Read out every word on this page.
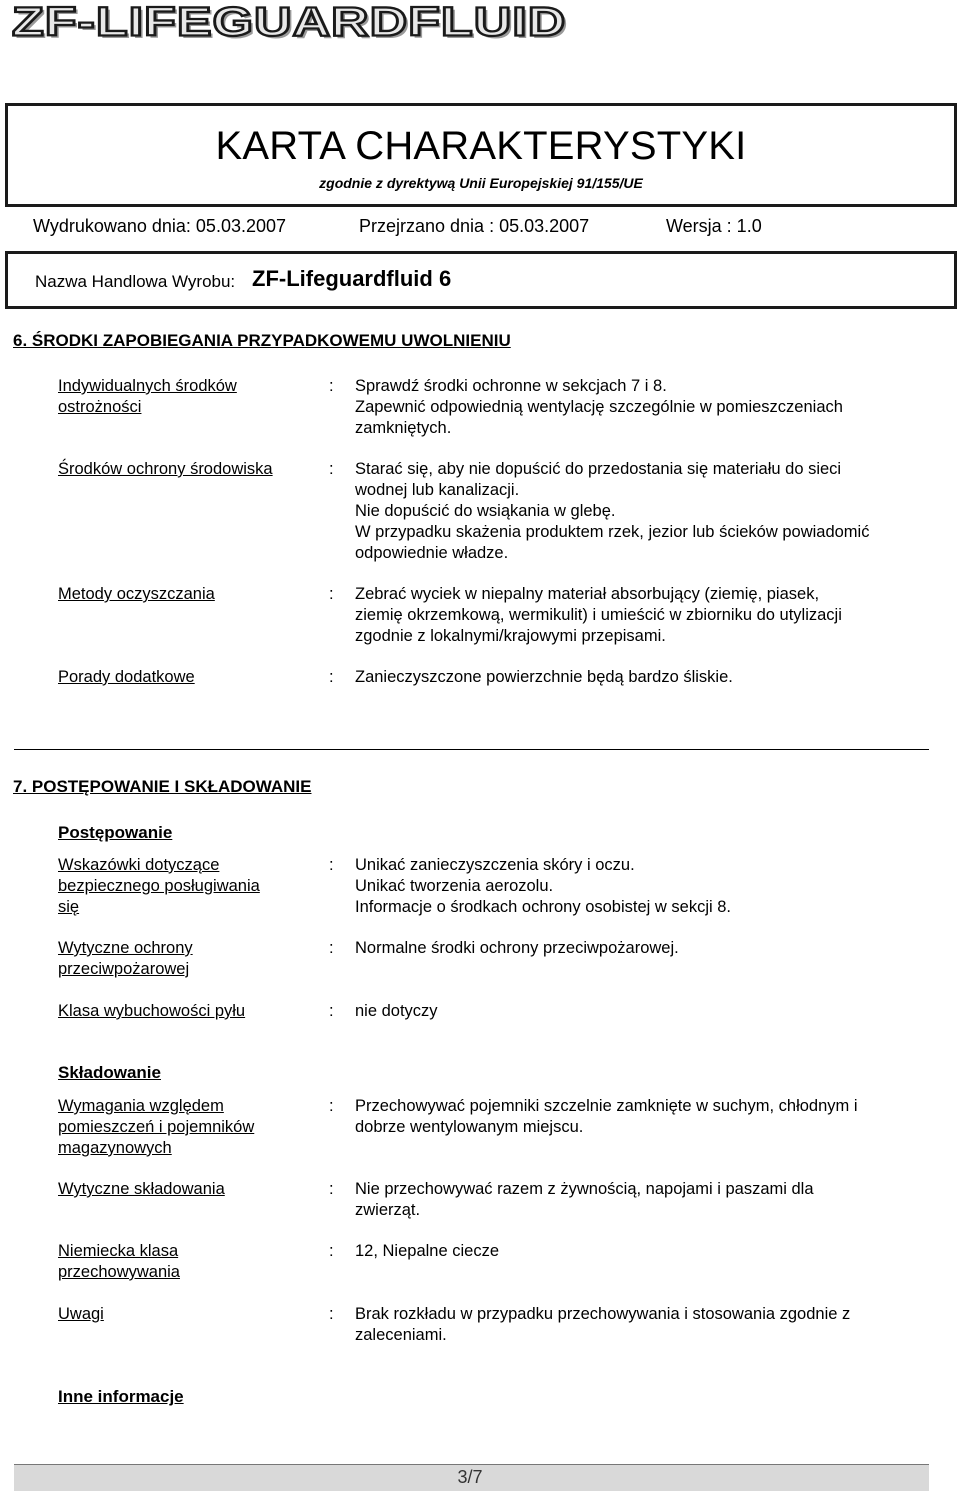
ZF-LIFEGUARDFLUID
KARTA CHARAKTERYSTYKI
zgodnie z dyrektywą Unii Europejskiej 91/155/UE
Wydrukowano dnia: 05.03.2007	Przejrzano dnia : 05.03.2007	Wersja : 1.0
Nazwa Handlowa Wyrobu: ZF-Lifeguardfluid 6
6. ŚRODKI ZAPOBIEGANIA PRZYPADKOWEMU UWOLNIENIU
Indywidualnych środków
ostrożności
: Sprawdź środki ochronne w sekcjach 7 i 8.
Zapewnić odpowiednią wentylację szczególnie w pomieszczeniach
zamkniętych.
Środków ochrony środowiska	: Starać się, aby nie dopuścić do przedostania się materiału do sieci
wodnej lub kanalizacji.
Nie dopuścić do wsiąkania w glebę.
W przypadku skażenia produktem rzek, jezior lub ścieków powiadomić
odpowiednie władze.
Metody oczyszczania	: Zebrać wyciek w niepalny materiał absorbujący (ziemię, piasek,
ziemię okrzemkową, wermikulit) i umieścić w zbiorniku do utylizacji
zgodnie z lokalnymi/krajowymi przepisami.
Porady dodatkowe	: Zanieczyszczone powierzchnie będą bardzo śliskie.
7. POSTĘPOWANIE I SKŁADOWANIE
Postępowanie
Wskazówki dotyczące
bezpiecznego posługiwania
się
: Unikać zanieczyszczenia skóry i oczu.
Unikać tworzenia aerozolu.
Informacje o środkach ochrony osobistej w sekcji 8.
Wytyczne ochrony
przeciwpożarowej
: Normalne środki ochrony przeciwpożarowej.
Klasa wybuchowości pyłu	: nie dotyczy
Składowanie
Wymagania względem
pomieszczeń i pojemników
magazynowych
: Przechowywać pojemniki szczelnie zamknięte w suchym, chłodnym i
dobrze wentylowanym miejscu.
Wytyczne składowania	: Nie przechowywać razem z żywnością, napojami i paszami dla
zwierząt.
Niemiecka klasa
przechowywania
: 12, Niepalne ciecze
Uwagi	: Brak rozkładu w przypadku przechowywania i stosowania zgodnie z
zaleceniami.
Inne informacje
3/7
